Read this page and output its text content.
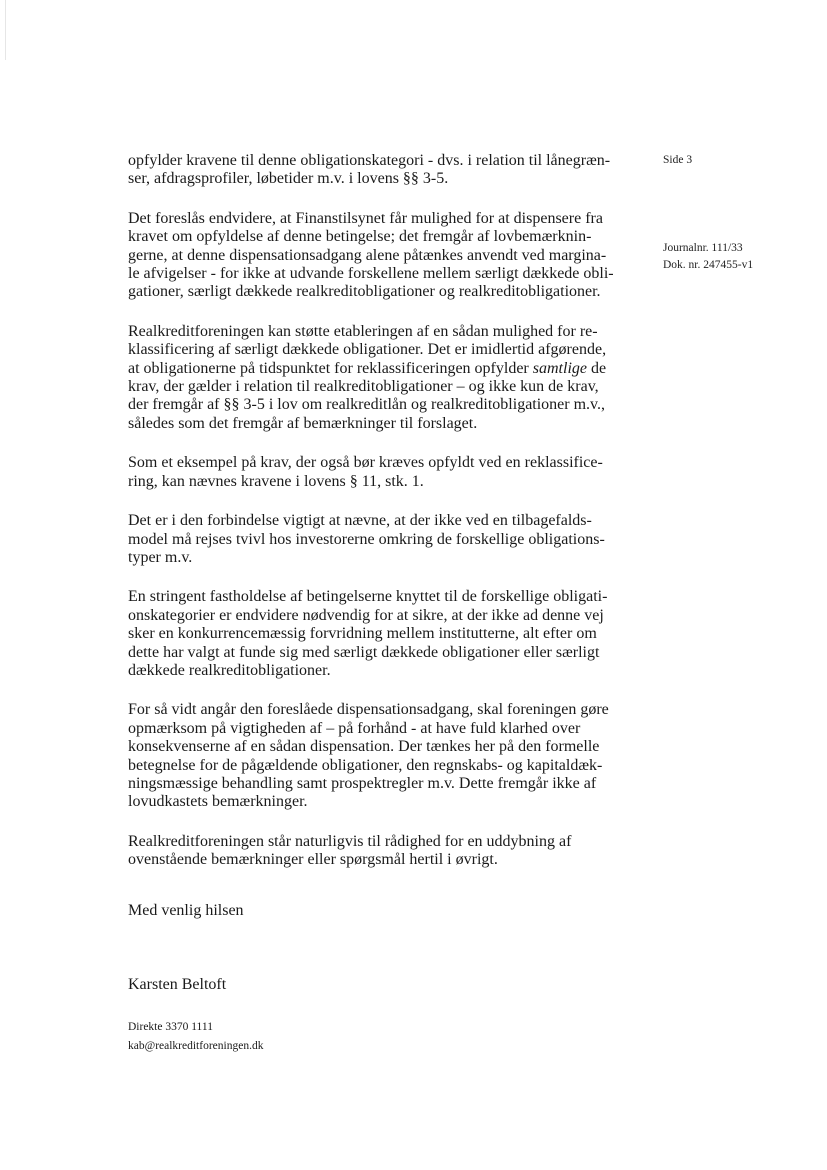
Side 3
Journalnr. 111/33
Dok. nr. 247455-v1

opfylder kravene til denne obligationskategori - dvs. i relation til lånegræn-
ser, afdragsprofiler, løbetider m.v. i lovens §§ 3-5.

Det foreslås endvidere, at Finanstilsynet får mulighed for at dispensere fra
kravet om opfyldelse af denne betingelse; det fremgår af lovbemærknin-
gerne, at denne dispensationsadgang alene påtænkes anvendt ved margina-
le afvigelser - for ikke at udvande forskellene mellem særligt dækkede obli-
gationer, særligt dækkede realkreditobligationer og realkreditobligationer.

Realkreditforeningen kan støtte etableringen af en sådan mulighed for re-
klassificering af særligt dækkede obligationer. Det er imidlertid afgørende,
at obligationerne på tidspunktet for reklassificeringen opfylder samtlige de
krav, der gælder i relation til realkreditobligationer – og ikke kun de krav,
der fremgår af §§ 3-5 i lov om realkreditlån og realkreditobligationer m.v.,
således som det fremgår af bemærkninger til forslaget.

Som et eksempel på krav, der også bør kræves opfyldt ved en reklassifice-
ring, kan nævnes kravene i lovens § 11, stk. 1.

Det er i den forbindelse vigtigt at nævne, at der ikke ved en tilbagefalds-
model må rejses tvivl hos investorerne omkring de forskellige obligations-
typer m.v.

En stringent fastholdelse af betingelserne knyttet til de forskellige obligati-
onskategorier er endvidere nødvendig for at sikre, at der ikke ad denne vej
sker en konkurrencemæssig forvridning mellem institutterne, alt efter om
dette har valgt at funde sig med særligt dækkede obligationer eller særligt
dækkede realkreditobligationer.

For så vidt angår den foreslåede dispensationsadgang, skal foreningen gøre
opmærksom på vigtigheden af – på forhånd - at have fuld klarhed over
konsekvenserne af en sådan dispensation. Der tænkes her på den formelle
betegnelse for de pågældende obligationer, den regnskabs- og kapitaldæk-
ningsmæssige behandling samt prospektregler m.v. Dette fremgår ikke af
lovudkastets bemærkninger.

Realkreditforeningen står naturligvis til rådighed for en uddybning af
ovenstående bemærkninger eller spørgsmål hertil i øvrigt.

Med venlig hilsen
Karsten Beltoft
Direkte 3370 1111
kab@realkreditforeningen.dk
